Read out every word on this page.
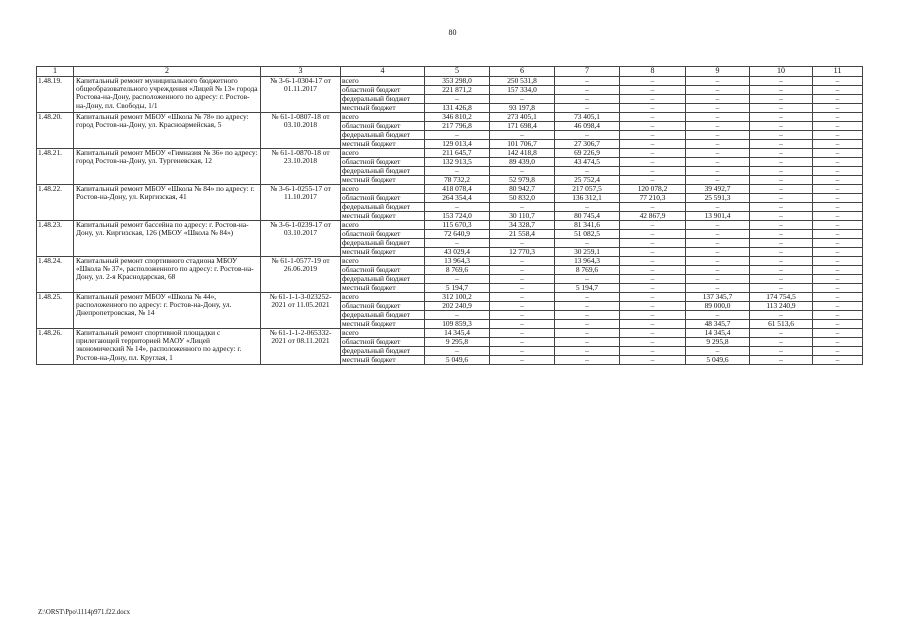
80
1	2	3	4	5	6	7	8	9	10	11
1.48.19.	Капитальный ремонт муниципального бюджетного общеобразовательного учреждения «Лицей № 13» города Ростова-на-Дону, расположенного по адресу: г. Ростов-на-Дону, пл. Свободы, 1/1	№ 3-6-1-0304-17 от 01.11.2017	всего	353 298,0	250 531,8	–	–	–	–	–
			областной бюджет	221 871,2	157 334,0	–	–	–	–	–
			федеральный бюджет	–	–	–	–	–	–	–
			местный бюджет	131 426,8	93 197,8	–	–	–	–	–
1.48.20.	Капитальный ремонт МБОУ «Школа № 78» по адресу: город Ростов-на-Дону, ул. Красноармейская, 5	№ 61-1-0807-18 от 03.10.2018	всего	346 810,2	273 405,1	73 405,1	–	–	–	–
			областной бюджет	217 796,8	171 698,4	46 098,4	–	–	–	–
			федеральный бюджет	–	–	–	–	–	–	–
			местный бюджет	129 013,4	101 706,7	27 306,7	–	–	–	–
1.48.21.	Капитальный ремонт МБОУ «Гимназия № 36» по адресу: город Ростов-на-Дону, ул. Тургеневская, 12	№ 61-1-0870-18 от 23.10.2018	всего	211 645,7	142 418,8	69 226,9	–	–	–	–
			областной бюджет	132 913,5	89 439,0	43 474,5	–	–	–	–
			федеральный бюджет	–	–	–	–	–	–	–
			местный бюджет	78 732,2	52 979,8	25 752,4	–	–	–	–
1.48.22.	Капитальный ремонт МБОУ «Школа № 84» по адресу: г. Ростов-на-Дону, ул. Киргизская, 41	№ 3-6-1-0255-17 от 11.10.2017	всего	418 078,4	80 942,7	217 057,5	120 078,2	39 492,7	–	–
			областной бюджет	264 354,4	50 832,0	136 312,1	77 210,3	25 591,3	–	–
			федеральный бюджет	–	–	–	–	–	–	–
			местный бюджет	153 724,0	30 110,7	80 745,4	42 867,9	13 901,4	–	–
1.48.23.	Капитальный ремонт бассейна по адресу: г. Ростов-на-Дону, ул. Киргизская, 126 (МБОУ «Школа № 84»)	№ 3-6-1-0239-17 от 03.10.2017	всего	115 670,3	34 328,7	81 341,6	–	–	–	–
			областной бюджет	72 640,9	21 558,4	51 082,5	–	–	–	–
			федеральный бюджет	–	–	–	–	–	–	–
			местный бюджет	43 029,4	12 770,3	30 259,1	–	–	–	–
1.48.24.	Капитальный ремонт спортивного стадиона МБОУ «Школа № 37», расположенного по адресу: г. Ростов-на-Дону, ул. 2-я Краснодарская, 68	№ 61-1-0577-19 от 26.06.2019	всего	13 964,3	–	13 964,3	–	–	–	–
			областной бюджет	8 769,6	–	8 769,6	–	–	–	–
			федеральный бюджет	–	–	–	–	–	–	–
			местный бюджет	5 194,7	–	5 194,7	–	–	–	–
1.48.25.	Капитальный ремонт МБОУ «Школа № 44», расположенного по адресу: г. Ростов-на-Дону, ул. Днепропетровская, № 14	№ 61-1-1-3-023252-2021 от 11.05.2021	всего	312 100,2	–	–	–	137 345,7	174 754,5	–
			областной бюджет	202 240,9	–	–	–	89 000,0	113 240,9	–
			федеральный бюджет	–	–	–	–	–	–	–
			местный бюджет	109 859,3	–	–	–	48 345,7	61 513,6	–
1.48.26.	Капитальный ремонт спортивной площадки с прилегающей территорией МАОУ «Лицей экономический № 14», расположенного по адресу: г. Ростов-на-Дону, пл. Круглая, 1	№ 61-1-1-2-065332-2021 от 08.11.2021	всего	14 345,4	–	–	–	14 345,4	–	–
			областной бюджет	9 295,8	–	–	–	9 295,8	–	–
			федеральный бюджет	–	–	–	–	–	–	–
			местный бюджет	5 049,6	–	–	–	5 049,6	–	–
Z:\ORST\Ppo\1114p971.f22.docx
